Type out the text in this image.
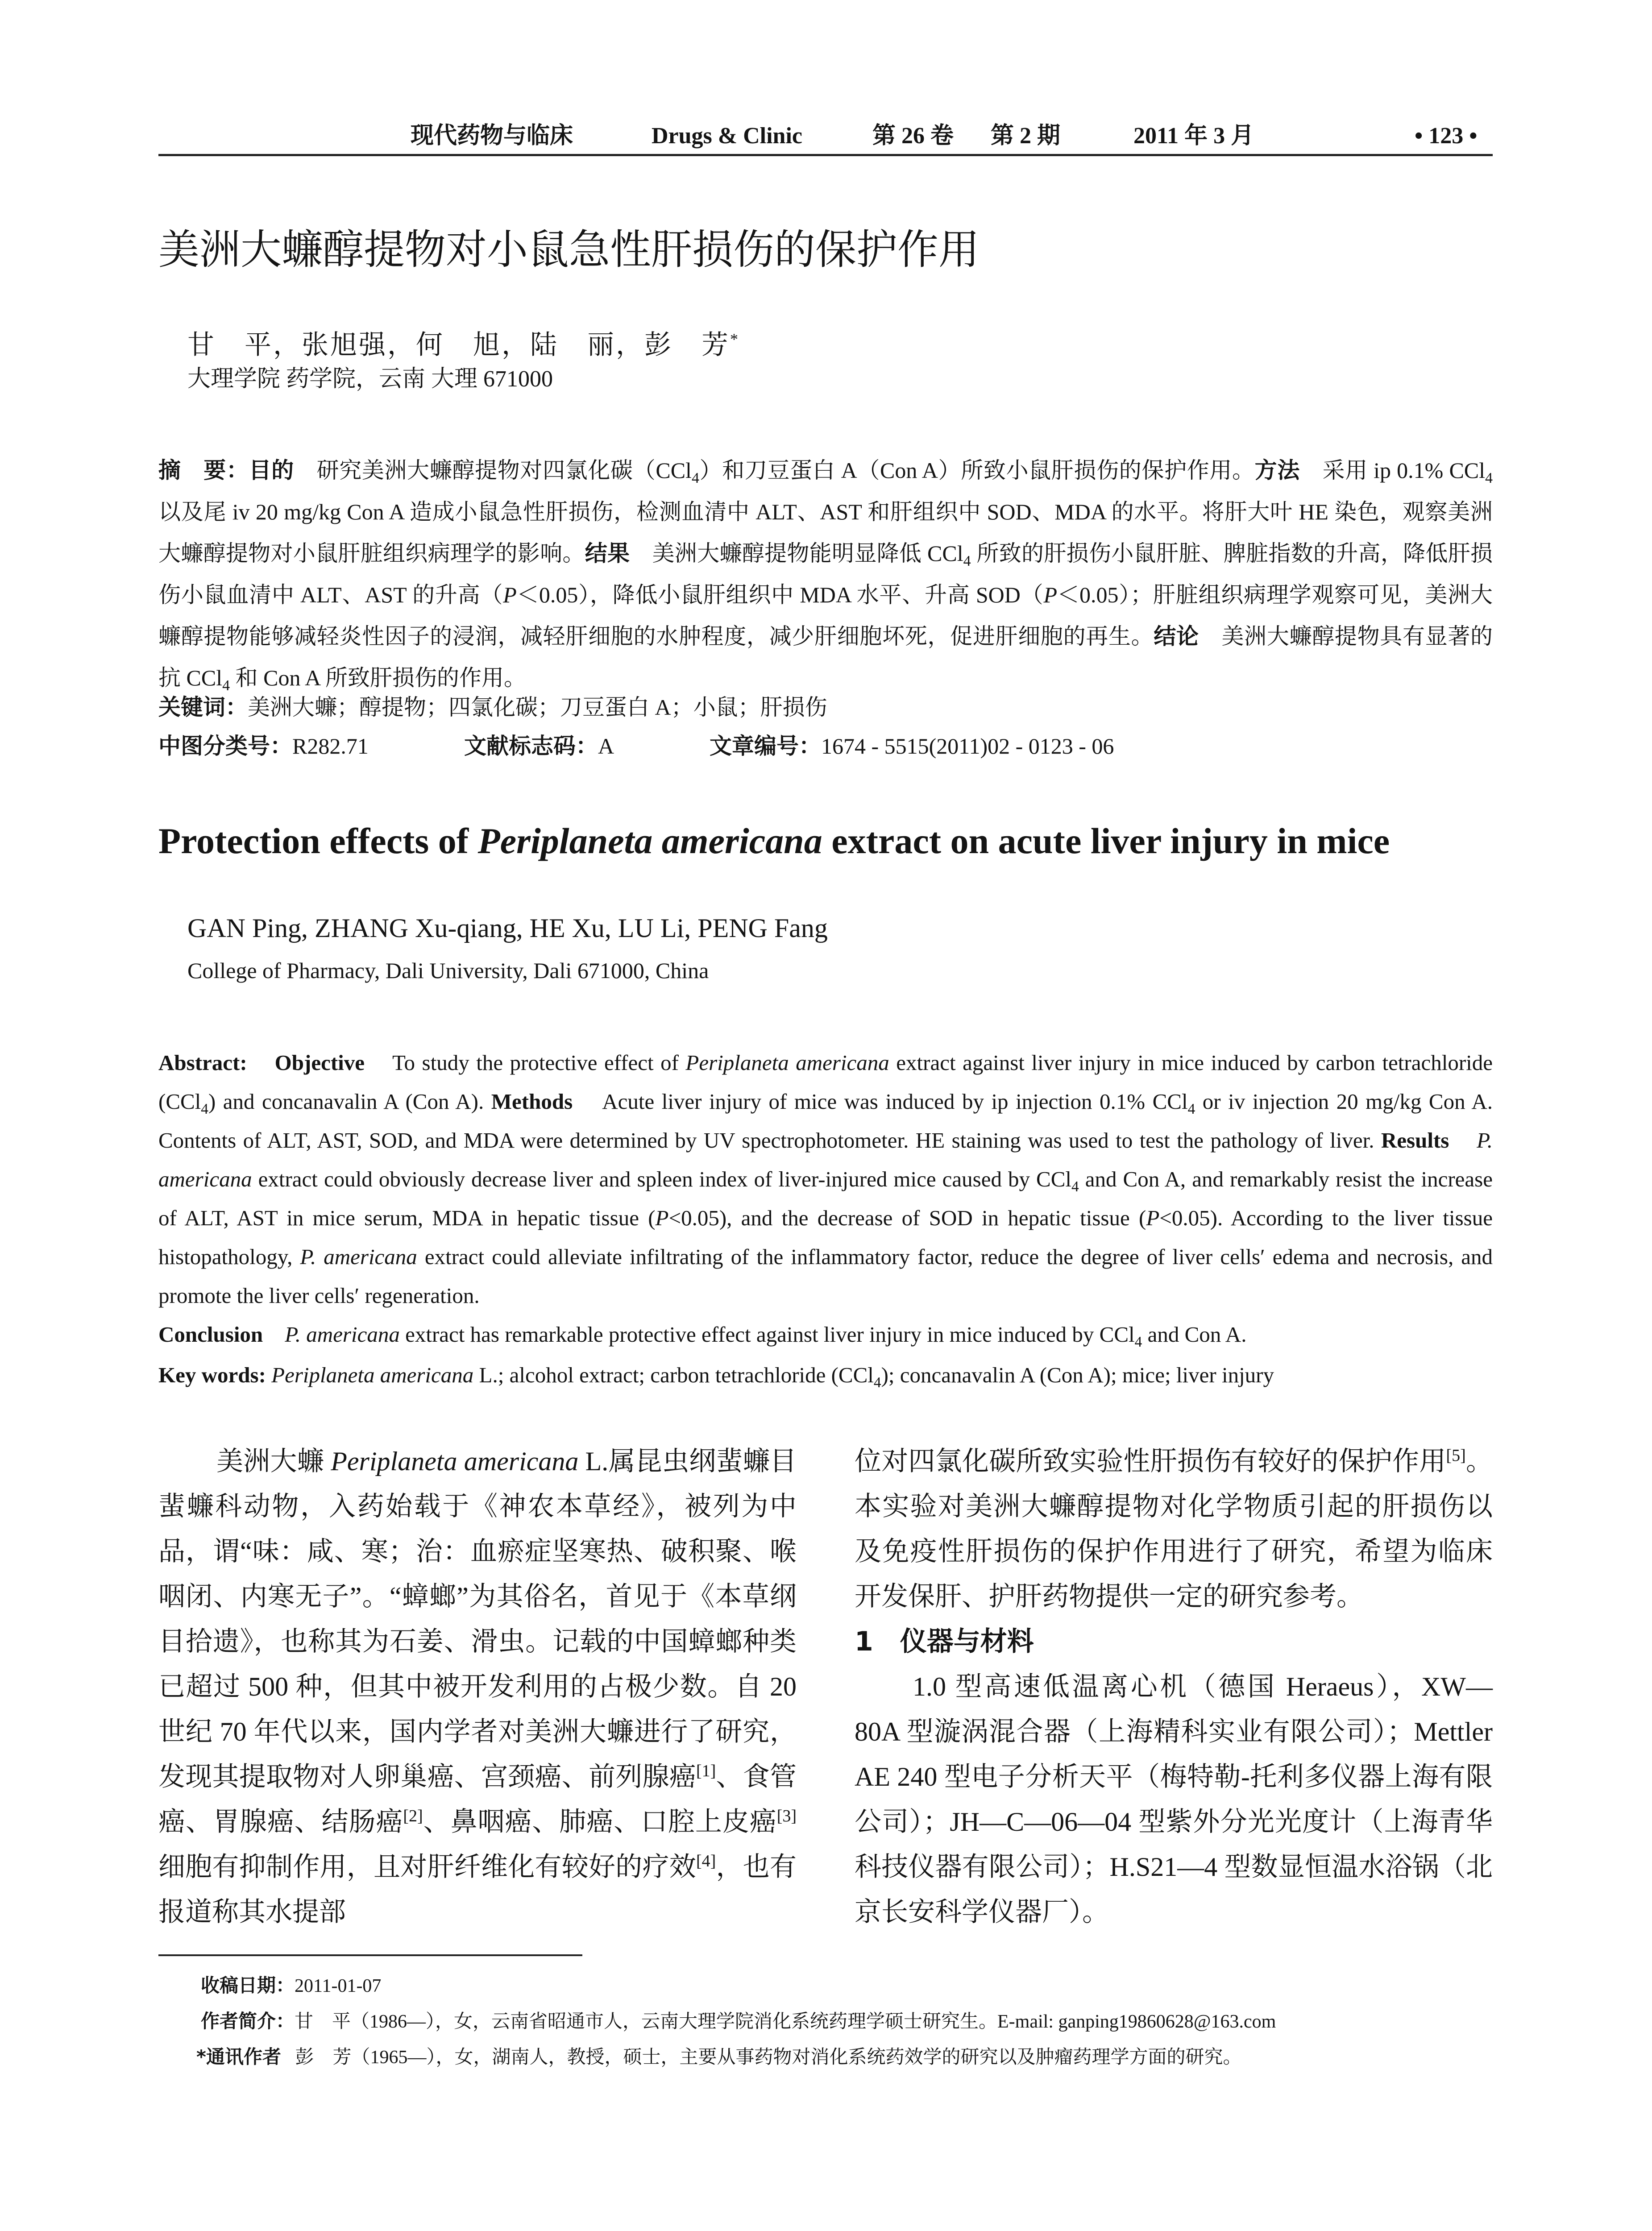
现代药物与临床	Drugs & Clinic	第 26 卷 第 2 期	2011 年 3 月	• 123 •
美洲大蠊醇提物对小鼠急性肝损伤的保护作用
甘　平，张旭强，何　旭，陆　丽，彭　芳*
大理学院 药学院，云南 大理 671000
摘　要：目的　 研究美洲大蠊醇提物对四氯化碳（CCl$_4$）和刀豆蛋白 A（Con A）所致小鼠肝损伤的保护作用。方法　 采用 ip 0.1% CCl$_4$ 以及尾 iv 20 mg/kg Con A 造成小鼠急性肝损伤，检测血清中 ALT、AST 和肝组织中 SOD、MDA 的水平。将肝大叶 HE 染色，观察美洲大蠊醇提物对小鼠肝脏组织病理学的影响。结果　 美洲大蠊醇提物能明显降低 CCl$_4$ 所致的肝损伤小鼠肝脏、脾脏指数的升高，降低肝损伤小鼠血清中 ALT、AST 的升高（P＜0.05），降低小鼠肝组织中 MDA 水平、升高 SOD（P＜0.05）；肝脏组织病理学观察可见，美洲大蠊醇提物能够减轻炎性因子的浸润，减轻肝细胞的水肿程度，减少肝细胞坏死，促进肝细胞的再生。结论　 美洲大蠊醇提物具有显著的抗 CCl$_4$ 和 Con A 所致肝损伤的作用。
关键词：美洲大蠊；醇提物；四氯化碳；刀豆蛋白 A；小鼠；肝损伤
中图分类号：R282.71	文献标志码：A	文章编号：1674 - 5515(2011)02 - 0123 - 06
Protection effects of Periplaneta americana extract on acute liver injury in mice
GAN Ping, ZHANG Xu-qiang, HE Xu, LU Li, PENG Fang
College of Pharmacy, Dali University, Dali 671000, China
Abstract: Objective To study the protective effect of Periplaneta americana extract against liver injury in mice induced by carbon tetrachloride (CCl$_4$) and concanavalin A (Con A). Methods Acute liver injury of mice was induced by ip injection 0.1% CCl$_4$ or iv injection 20 mg/kg Con A. Contents of ALT, AST, SOD, and MDA were determined by UV spectrophotometer. HE staining was used to test the pathology of liver. Results P. americana extract could obviously decrease liver and spleen index of liver-injured mice caused by CCl$_4$ and Con A, and remarkably resist the increase of ALT, AST in mice serum, MDA in hepatic tissue (P<0.05), and the decrease of SOD in hepatic tissue (P<0.05). According to the liver tissue histopathology, P. americana extract could alleviate infiltrating of the inflammatory factor, reduce the degree of liver cells′ edema and necrosis, and promote the liver cells′ regeneration.
Conclusion P. americana extract has remarkable protective effect against liver injury in mice induced by CCl$_4$ and Con A.
Key words: Periplaneta americana L.; alcohol extract; carbon tetrachloride (CCl$_4$); concanavalin A (Con A); mice; liver injury

美洲大蠊 Periplaneta americana L.属昆虫纲蜚蠊目蜚蠊科动物，入药始载于《神农本草经》，被列为中品，谓“味：咸、寒；治：血瘀症坚寒热、破积聚、喉咽闭、内寒无子”。“蟑螂”为其俗名，首见于《本草纲目拾遗》，也称其为石姜、滑虫。记载的中国蟑螂种类已超过 500 种，但其中被开发利用的占极少数。自 20 世纪 70 年代以来，国内学者对美洲大蠊进行了研究，发现其提取物对人卵巢癌、宫颈癌、前列腺癌[1]、食管癌、胃腺癌、结肠癌[2]、鼻咽癌、肺癌、口腔上皮癌[3]细胞有抑制作用，且对肝纤维化有较好的疗效[4]，也有报道称其水提部

位对四氯化碳所致实验性肝损伤有较好的保护作用[5]。本实验对美洲大蠊醇提物对化学物质引起的肝损伤以及免疫性肝损伤的保护作用进行了研究，希望为临床开发保肝、护肝药物提供一定的研究参考。

1　仪器与材料

1.0 型高速低温离心机（德国 Heraeus），XW—80A 型漩涡混合器（上海精科实业有限公司）；Mettler AE 240 型电子分析天平（梅特勒-托利多仪器上海有限公司）；JH—C—06—04 型紫外分光光度计（上海青华科技仪器有限公司）；H.S21—4 型数显恒温水浴锅（北京长安科学仪器厂）。

收稿日期：2011-01-07
作者简介：甘　平（1986—），女，云南省昭通市人，云南大理学院消化系统药理学硕士研究生。E-mail: ganping19860628@163.com
*通讯作者 彭　芳（1965—），女，湖南人，教授，硕士，主要从事药物对消化系统药效学的研究以及肿瘤药理学方面的研究。
